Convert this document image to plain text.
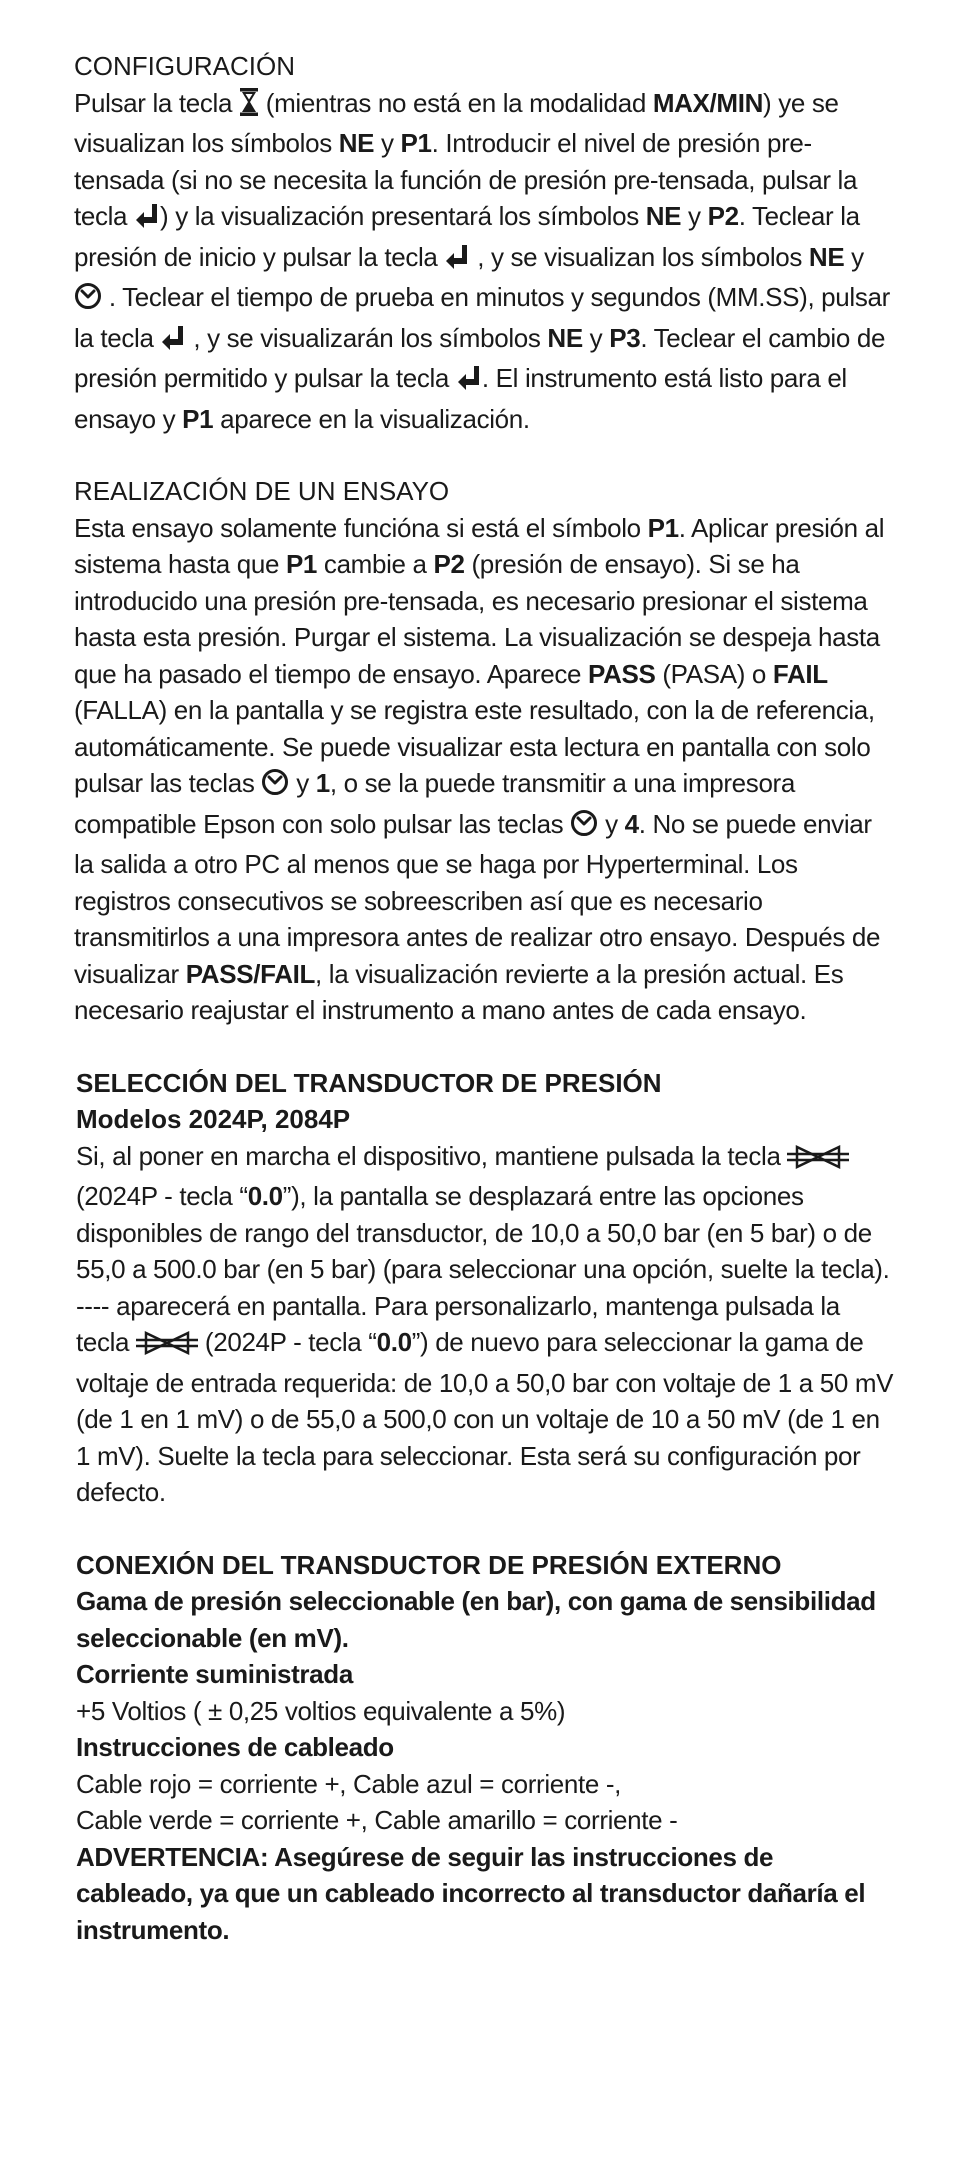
CONFIGURACIÓN

Pulsar la tecla  (mientras no está en la modalidad MAX/MIN) ye se visualizan los símbolos NE y P1. Introducir el nivel de presión pre-tensada (si no se necesita la función de presión pre-tensada, pulsar la tecla ) y la visualización presentará los símbolos NE y P2. Teclear la presión de inicio y pulsar la tecla  , y se visualizan los símbolos NE y  . Teclear el tiempo de prueba en minutos y segundos (MM.SS), pulsar la tecla  , y se visualizarán los símbolos NE y P3. Teclear el cambio de presión permitido y pulsar la tecla . El instrumento está listo para el ensayo y P1 aparece en la visualización.

REALIZACIÓN DE UN ENSAYO

Esta ensayo solamente funcióna si está el símbolo P1. Aplicar presión al sistema hasta que P1 cambie a P2 (presión de ensayo). Si se ha introducido una presión pre-tensada, es necesario presionar el sistema hasta esta presión. Purgar el sistema. La visualización se despeja hasta que ha pasado el tiempo de ensayo. Aparece PASS (PASA) o FAIL (FALLA) en la pantalla y se registra este resultado, con la de referencia, automáticamente. Se puede visualizar esta lectura en pantalla con solo pulsar las teclas  y 1, o se la puede transmitir a una impresora compatible Epson con solo pulsar las teclas  y 4. No se puede enviar la salida a otro PC al menos que se haga por Hyperterminal. Los registros consecutivos se sobreescriben así que es necesario transmitirlos a una impresora antes de realizar otro ensayo. Después de visualizar PASS/FAIL, la visualización revierte a la presión actual. Es necesario reajustar el instrumento a mano antes de cada ensayo.

SELECCIÓN DEL TRANSDUCTOR DE PRESIÓN
Modelos 2024P, 2084P

Si, al poner en marcha el dispositivo, mantiene pulsada la tecla  (2024P - tecla “0.0”), la pantalla se desplazará entre las opciones disponibles de rango del transductor, de 10,0 a 50,0 bar (en 5 bar) o de 55,0 a 500.0 bar (en 5 bar) (para seleccionar una opción, suelte la tecla). ---- aparecerá en pantalla. Para personalizarlo, mantenga pulsada la tecla  (2024P - tecla “0.0”) de nuevo para seleccionar la gama de voltaje de entrada requerida: de 10,0 a 50,0 bar con voltaje de 1 a 50 mV (de 1 en 1 mV) o de 55,0 a 500,0 con un voltaje de 10 a 50 mV (de 1 en 1 mV). Suelte la tecla para seleccionar. Esta será su configuración por defecto.

CONEXIÓN DEL TRANSDUCTOR DE PRESIÓN EXTERNO

Gama de presión seleccionable (en bar), con gama de sensibilidad seleccionable (en mV).

Corriente suministrada

+5 Voltios ( ± 0,25 voltios equivalente a 5%)

Instrucciones de cableado

Cable rojo = corriente +, Cable azul = corriente -,

Cable verde = corriente +, Cable amarillo = corriente -

ADVERTENCIA: Asegúrese de seguir las instrucciones de cableado, ya que un cableado incorrecto al transductor dañaría el instrumento.
